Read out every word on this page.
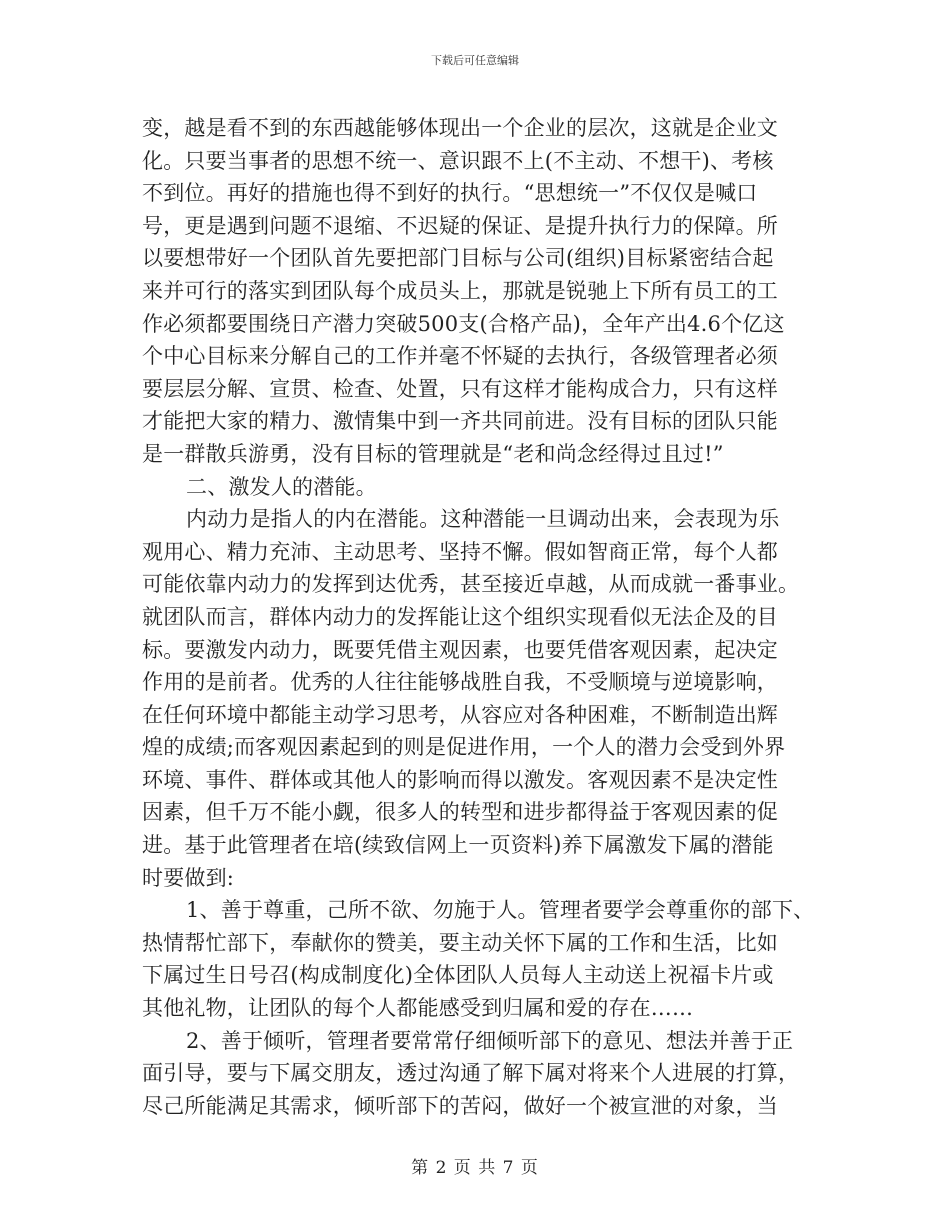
下载后可任意编辑
变，越是看不到的东西越能够体现出一个企业的层次，这就是企业文
化。只要当事者的思想不统一、意识跟不上(不主动、不想干)、考核
不到位。再好的措施也得不到好的执行。“思想统一”不仅仅是喊口
号，更是遇到问题不退缩、不迟疑的保证、是提升执行力的保障。所
以要想带好一个团队首先要把部门目标与公司(组织)目标紧密结合起
来并可行的落实到团队每个成员头上，那就是锐驰上下所有员工的工
作必须都要围绕日产潜力突破500支(合格产品)，全年产出4.6个亿这
个中心目标来分解自己的工作并毫不怀疑的去执行，各级管理者必须
要层层分解、宣贯、检查、处置，只有这样才能构成合力，只有这样
才能把大家的精力、激情集中到一齐共同前进。没有目标的团队只能
是一群散兵游勇，没有目标的管理就是“老和尚念经得过且过!”
二、激发人的潜能。
内动力是指人的内在潜能。这种潜能一旦调动出来，会表现为乐
观用心、精力充沛、主动思考、坚持不懈。假如智商正常，每个人都
可能依靠内动力的发挥到达优秀，甚至接近卓越，从而成就一番事业。
就团队而言，群体内动力的发挥能让这个组织实现看似无法企及的目
标。要激发内动力，既要凭借主观因素，也要凭借客观因素，起决定
作用的是前者。优秀的人往往能够战胜自我，不受顺境与逆境影响，
在任何环境中都能主动学习思考，从容应对各种困难，不断制造出辉
煌的成绩;而客观因素起到的则是促进作用，一个人的潜力会受到外界
环境、事件、群体或其他人的影响而得以激发。客观因素不是决定性
因素，但千万不能小觑，很多人的转型和进步都得益于客观因素的促
进。基于此管理者在培(续致信网上一页资料)养下属激发下属的潜能
时要做到:
1、善于尊重，己所不欲、勿施于人。管理者要学会尊重你的部下、
热情帮忙部下，奉献你的赞美，要主动关怀下属的工作和生活，比如
下属过生日号召(构成制度化)全体团队人员每人主动送上祝福卡片或
其他礼物，让团队的每个人都能感受到归属和爱的存在……
2、善于倾听，管理者要常常仔细倾听部下的意见、想法并善于正
面引导，要与下属交朋友，透过沟通了解下属对将来个人进展的打算，
尽己所能满足其需求，倾听部下的苦闷，做好一个被宣泄的对象，当
第 2 页 共 7 页
